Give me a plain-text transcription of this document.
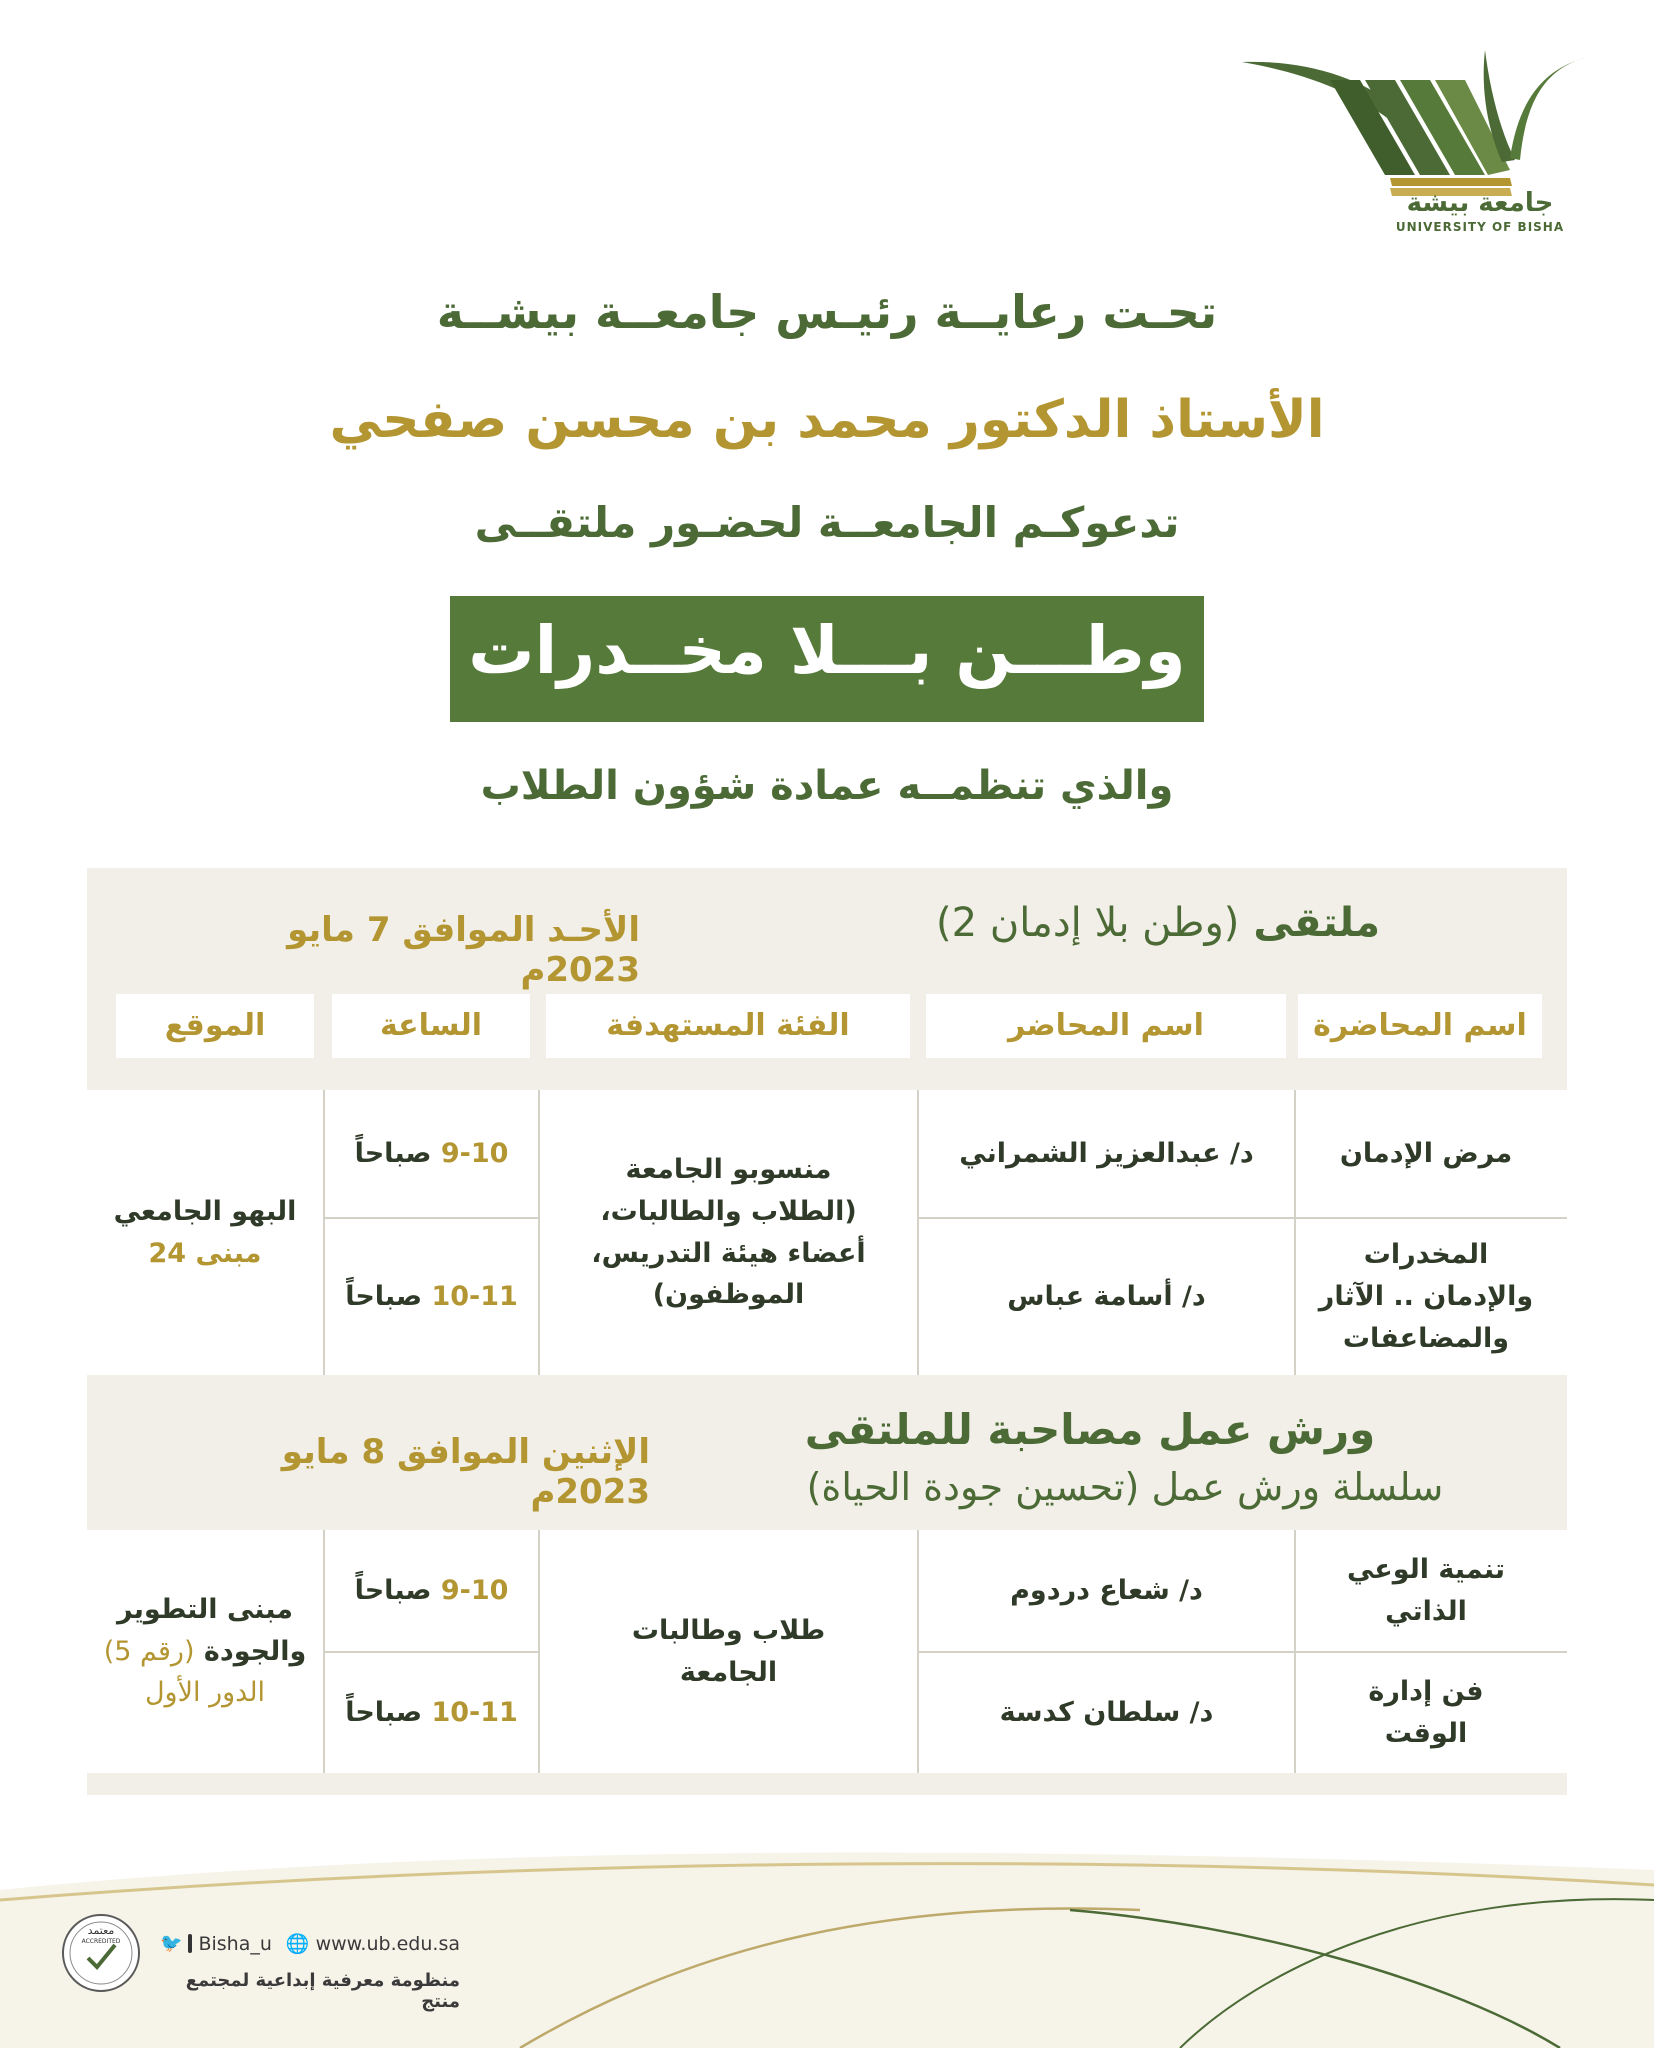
جامعة بيشة
UNIVERSITY OF BISHA
تحـت رعايــة رئيـس جامعــة بيشــة
الأستاذ الدكتور محمد بن محسن صفحي
تدعوكـم الجامعــة لحضـور ملتقــى
وطـــن بـــلا مخــدرات
والذي تنظمــه عمادة شؤون الطلاب
ملتقى (وطن بلا إدمان 2)
الأحـد الموافق 7 مايو 2023م
اسم المحاضرة
اسم المحاضر
الفئة المستهدفة
الساعة
الموقع
مرض الإدمان
المخدرات
والإدمان .. الآثار
والمضاعفات
د/ عبدالعزيز الشمراني
د/ أسامة عباس
منسوبو الجامعة
(الطلاب والطالبات،
أعضاء هيئة التدريس،
الموظفون)
9-10 صباحاً
10-11 صباحاً
البهو الجامعي
مبنى 24
ورش عمل مصاحبة للملتقى
سلسلة ورش عمل (تحسين جودة الحياة)
الإثنين الموافق 8 مايو 2023م
تنمية الوعي
الذاتي
فن إدارة
الوقت
د/ شعاع دردوم
د/ سلطان كدسة
طلاب وطالبات
الجامعة
9-10 صباحاً
10-11 صباحاً
مبنى التطوير
والجودة (رقم 5)
الدور الأول
معتمد
ACCREDITED 🐦 Bisha_u 🌐 www.ub.edu.sa
منظومة معرفية إبداعية لمجتمع منتج
